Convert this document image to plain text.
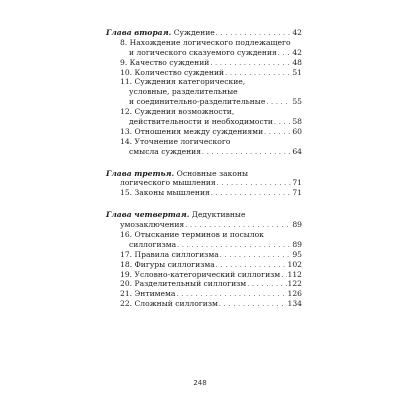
Глава вторая. Суждение . . .	42
8. Нахождение логического подлежащего
и логического сказуемого суждения . . . 42
9. Качество суждений . . .	48
10. Количество суждений . . .	51
11. Суждения категорические,
условные, разделительные
и соединительно-разделительные . . .	55
12. Суждения возможности,
действительности и необходимости . . .	58
13. Отношения между суждениями . . .	60
14. Уточнение логического
смысла суждения . . .	64
Глава третья. Основные законы
логического мышления . . .	71
15. Законы мышления . . .	71
Глава четвертая. Дедуктивные
умозаключения . . .	89
16. Отыскание терминов и посылок
силлогизма . . .	89
17. Правила силлогизма . . .	95
18. Фигуры силлогизма . . .	102
19. Условно-категорический силлогизм . . . 112
20. Разделительный силлогизм . . .	122
21. Энтимема . . .	126
22. Сложный силлогизм . . .	134
248
